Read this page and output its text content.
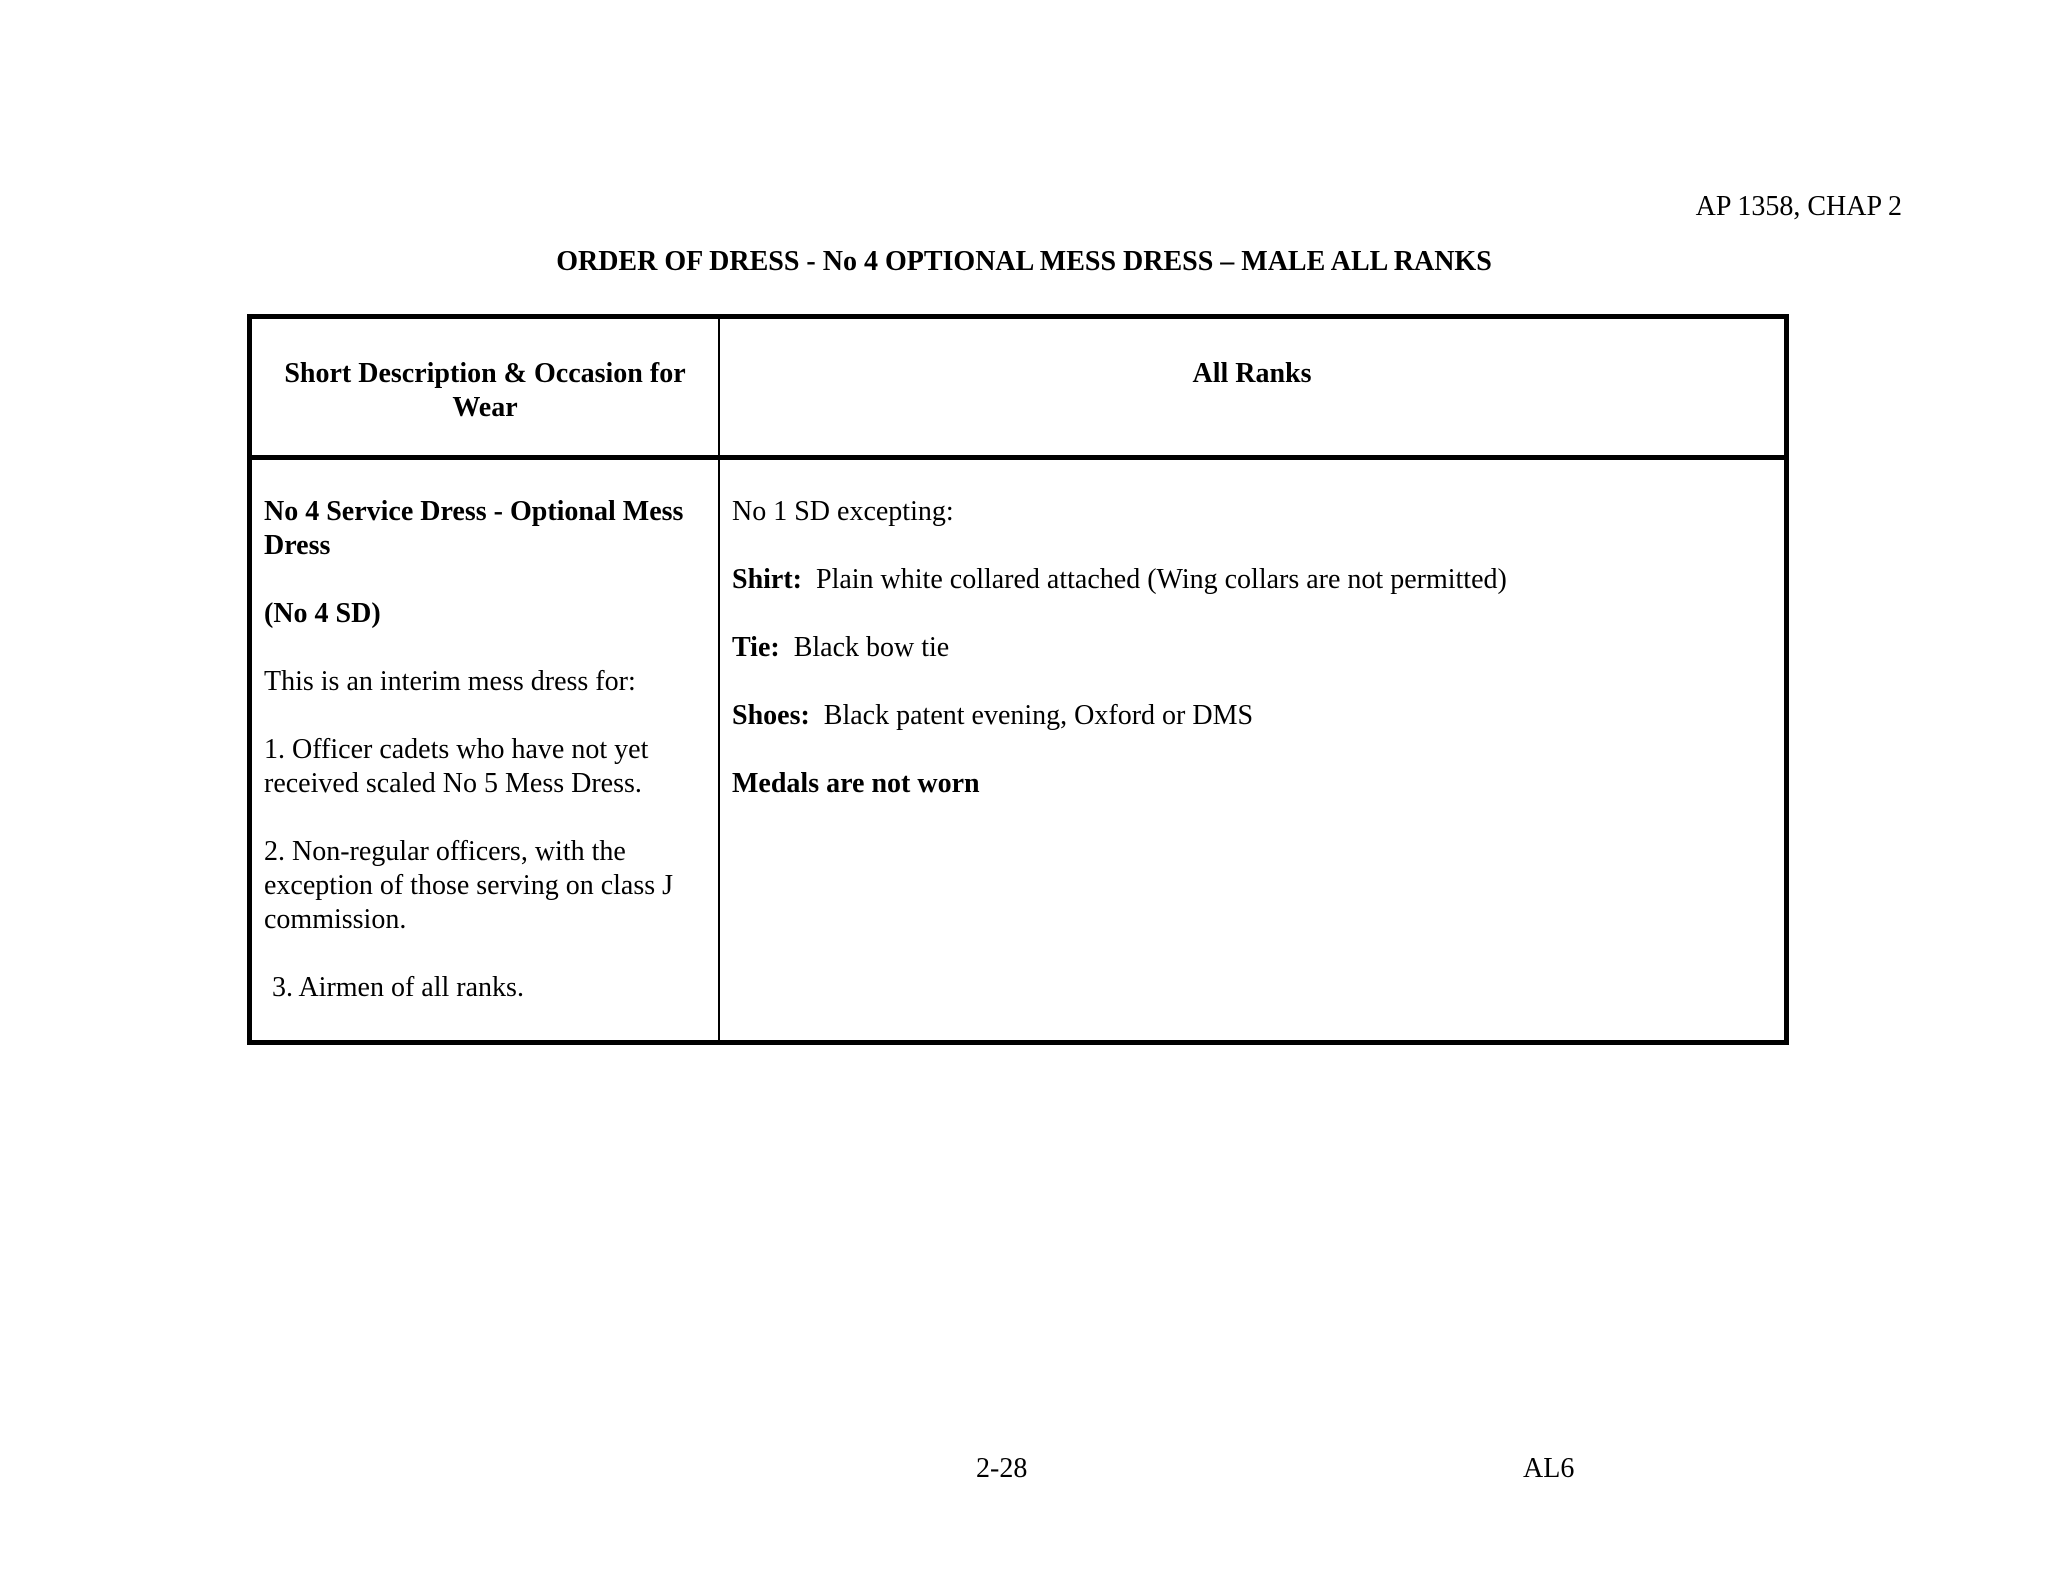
AP 1358, CHAP 2
ORDER OF DRESS - No 4 OPTIONAL MESS DRESS – MALE ALL RANKS
Short Description & Occasion for Wear
All Ranks

No 4 Service Dress - Optional Mess Dress

(No 4 SD)

This is an interim mess dress for:

1. Officer cadets who have not yet received scaled No 5 Mess Dress.

2. Non-regular officers, with the exception of those serving on class J commission.

3. Airmen of all ranks.

No 1 SD excepting:

Shirt: Plain white collared attached (Wing collars are not permitted)

Tie: Black bow tie

Shoes: Black patent evening, Oxford or DMS

Medals are not worn

2-28	AL6
